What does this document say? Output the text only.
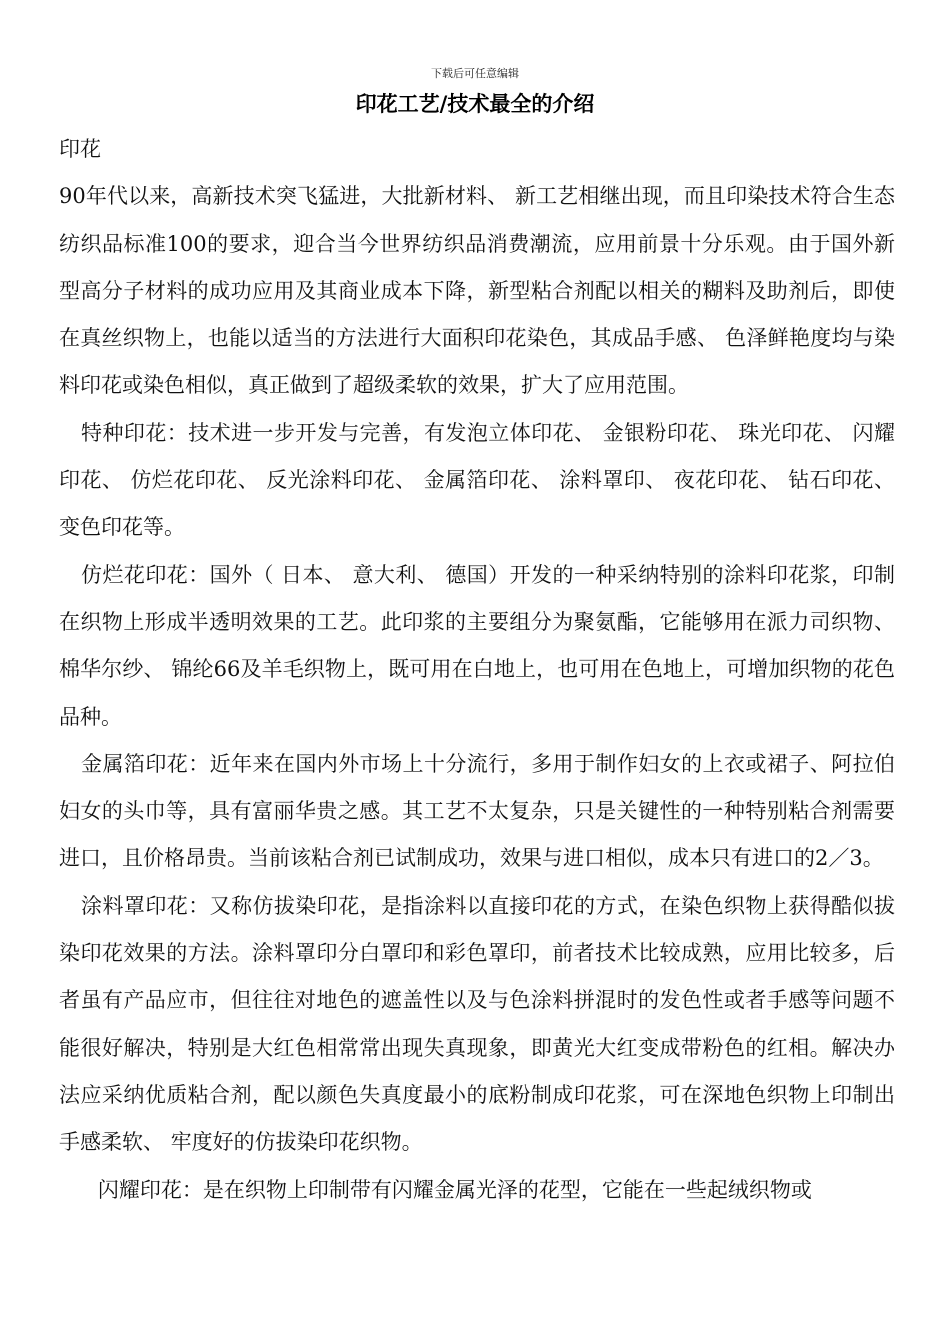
下载后可任意编辑
印花工艺/技术最全的介绍

印花

90年代以来，高新技术突飞猛进，大批新材料、 新工艺相继出现，而且印染技术符合生态纺织品标准100的要求，迎合当今世界纺织品消费潮流，应用前景十分乐观。由于国外新型高分子材料的成功应用及其商业成本下降，新型粘合剂配以相关的糊料及助剂后，即使在真丝织物上，也能以适当的方法进行大面积印花染色，其成品手感、 色泽鲜艳度均与染料印花或染色相似，真正做到了超级柔软的效果，扩大了应用范围。

特种印花：技术进一步开发与完善，有发泡立体印花、 金银粉印花、 珠光印花、 闪耀印花、 仿烂花印花、 反光涂料印花、 金属箔印花、 涂料罩印、 夜花印花、 钻石印花、 变色印花等。

仿烂花印花：国外（ 日本、 意大利、 德国）开发的一种采纳特别的涂料印花浆，印制在织物上形成半透明效果的工艺。此印浆的主要组分为聚氨酯，它能够用在派力司织物、 棉华尔纱、 锦纶66及羊毛织物上，既可用在白地上，也可用在色地上，可增加织物的花色品种。

金属箔印花：近年来在国内外市场上十分流行，多用于制作妇女的上衣或裙子、阿拉伯妇女的头巾等，具有富丽华贵之感。其工艺不太复杂，只是关键性的一种特别粘合剂需要进口，且价格昂贵。当前该粘合剂已试制成功，效果与进口相似，成本只有进口的2／3。

涂料罩印花：又称仿拔染印花，是指涂料以直接印花的方式，在染色织物上获得酷似拔染印花效果的方法。涂料罩印分白罩印和彩色罩印，前者技术比较成熟，应用比较多，后者虽有产品应市，但往往对地色的遮盖性以及与色涂料拼混时的发色性或者手感等问题不能很好解决，特别是大红色相常常出现失真现象，即黄光大红变成带粉色的红相。解决办法应采纳优质粘合剂，配以颜色失真度最小的底粉制成印花浆，可在深地色织物上印制出手感柔软、 牢度好的仿拔染印花织物。

闪耀印花：是在织物上印制带有闪耀金属光泽的花型，它能在一些起绒织物或
